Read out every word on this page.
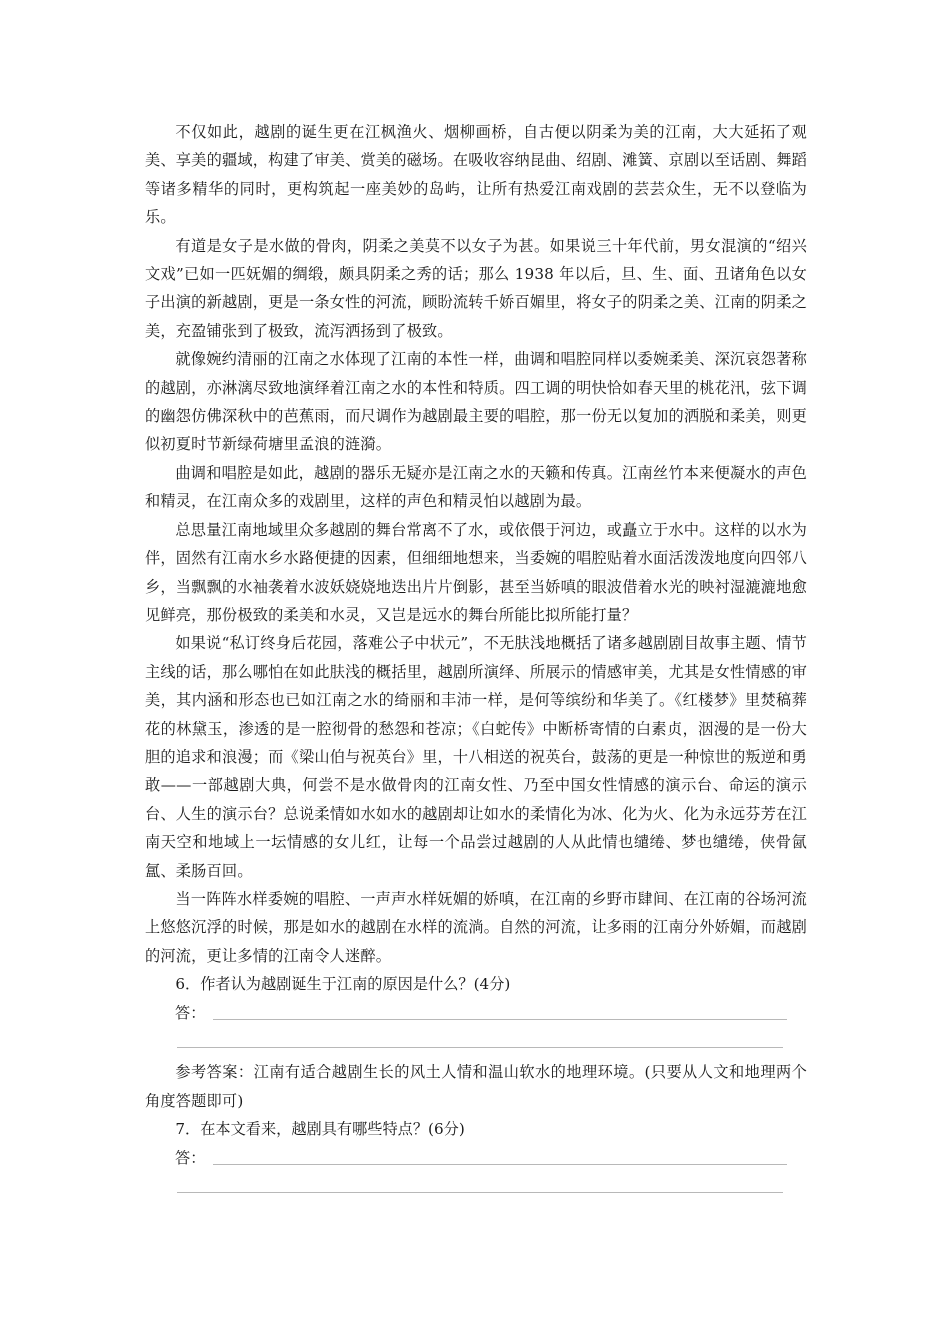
不仅如此，越剧的诞生更在江枫渔火、烟柳画桥，自古便以阴柔为美的江南，大大延拓了观美、享美的疆域，构建了审美、赏美的磁场。在吸收容纳昆曲、绍剧、滩簧、京剧以至话剧、舞蹈等诸多精华的同时，更构筑起一座美妙的岛屿，让所有热爱江南戏剧的芸芸众生，无不以登临为乐。

有道是女子是水做的骨肉，阴柔之美莫不以女子为甚。如果说三十年代前，男女混演的“绍兴文戏”已如一匹妩媚的绸缎，颇具阴柔之秀的话；那么 1938 年以后，旦、生、面、丑诸角色以女子出演的新越剧，更是一条女性的河流，顾盼流转千娇百媚里，将女子的阴柔之美、江南的阴柔之美，充盈铺张到了极致，流泻洒扬到了极致。

就像婉约清丽的江南之水体现了江南的本性一样，曲调和唱腔同样以委婉柔美、深沉哀怨著称的越剧，亦淋漓尽致地演绎着江南之水的本性和特质。四工调的明快恰如春天里的桃花汛，弦下调的幽怨仿佛深秋中的芭蕉雨，而尺调作为越剧最主要的唱腔，那一份无以复加的洒脱和柔美，则更似初夏时节新绿荷塘里孟浪的涟漪。

曲调和唱腔是如此，越剧的器乐无疑亦是江南之水的天籁和传真。江南丝竹本来便凝水的声色和精灵，在江南众多的戏剧里，这样的声色和精灵怕以越剧为最。

总思量江南地域里众多越剧的舞台常离不了水，或依偎于河边，或矗立于水中。这样的以水为伴，固然有江南水乡水路便捷的因素，但细细地想来，当委婉的唱腔贴着水面活泼泼地度向四邻八乡，当飘飘的水袖袭着水波妖娆娆地迭出片片倒影，甚至当娇嗔的眼波借着水光的映衬湿漉漉地愈见鲜亮，那份极致的柔美和水灵，又岂是远水的舞台所能比拟所能打量？

如果说“私订终身后花园，落难公子中状元”，不无肤浅地概括了诸多越剧剧目故事主题、情节主线的话，那么哪怕在如此肤浅的概括里，越剧所演绎、所展示的情感审美，尤其是女性情感的审美，其内涵和形态也已如江南之水的绮丽和丰沛一样，是何等缤纷和华美了。《红楼梦》里焚稿葬花的林黛玉，渗透的是一腔彻骨的愁怨和苍凉；《白蛇传》中断桥寄情的白素贞，洇漫的是一份大胆的追求和浪漫；而《梁山伯与祝英台》里，十八相送的祝英台，鼓荡的更是一种惊世的叛逆和勇敢——一部越剧大典，何尝不是水做骨肉的江南女性、乃至中国女性情感的演示台、命运的演示台、人生的演示台？总说柔情如水如水的越剧却让如水的柔情化为冰、化为火、化为永远芬芳在江南天空和地域上一坛情感的女儿红，让每一个品尝过越剧的人从此情也缱绻、梦也缱绻，侠骨氤氲、柔肠百回。

当一阵阵水样委婉的唱腔、一声声水样妩媚的娇嗔，在江南的乡野市肆间、在江南的谷场河流上悠悠沉浮的时候，那是如水的越剧在水样的流淌。自然的河流，让多雨的江南分外娇媚，而越剧的河流，更让多情的江南令人迷醉。

6．作者认为越剧诞生于江南的原因是什么？(4分)

答：

参考答案：江南有适合越剧生长的风土人情和温山软水的地理环境。(只要从人文和地理两个角度答题即可)

7．在本文看来，越剧具有哪些特点？(6分)

答：
